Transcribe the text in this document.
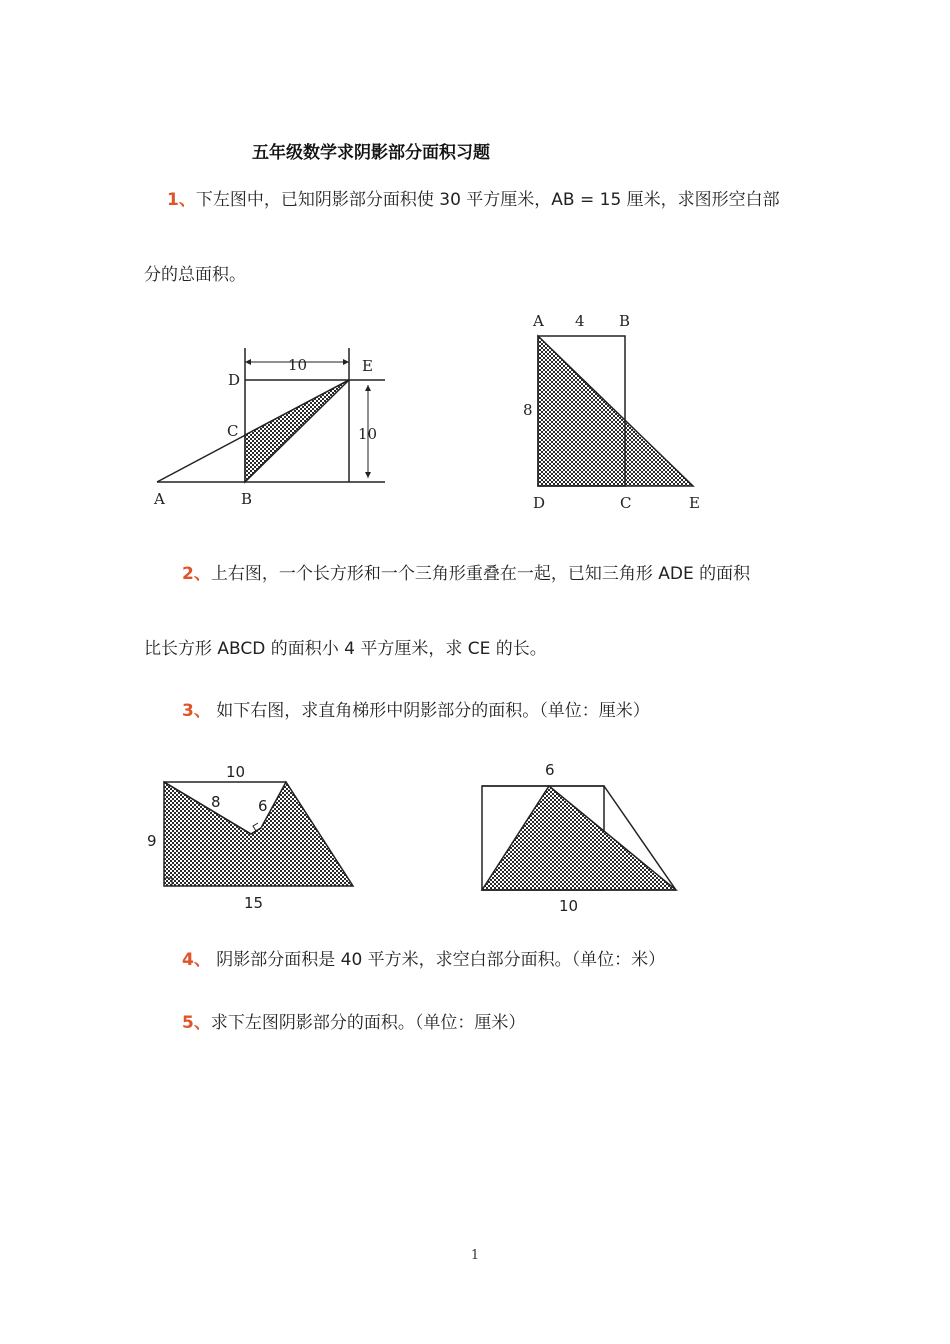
五年级数学求阴影部分面积习题
1、下左图中，已知阴影部分面积使 30 平方厘米，AB = 15 厘米，求图形空白部
分的总面积。
10
10
D
E
C
A	B
A 4 B
8
D	C	E
2、上右图，一个长方形和一个三角形重叠在一起，已知三角形 ADE 的面积
比长方形 ABCD 的面积小 4 平方厘米，求 CE 的长。
3、 如下右图，求直角梯形中阴影部分的面积。（单位：厘米）
10
8 6
9
15
6
10
4、 阴影部分面积是 40 平方米，求空白部分面积。（单位：米）
5、求下左图阴影部分的面积。（单位：厘米）
1
